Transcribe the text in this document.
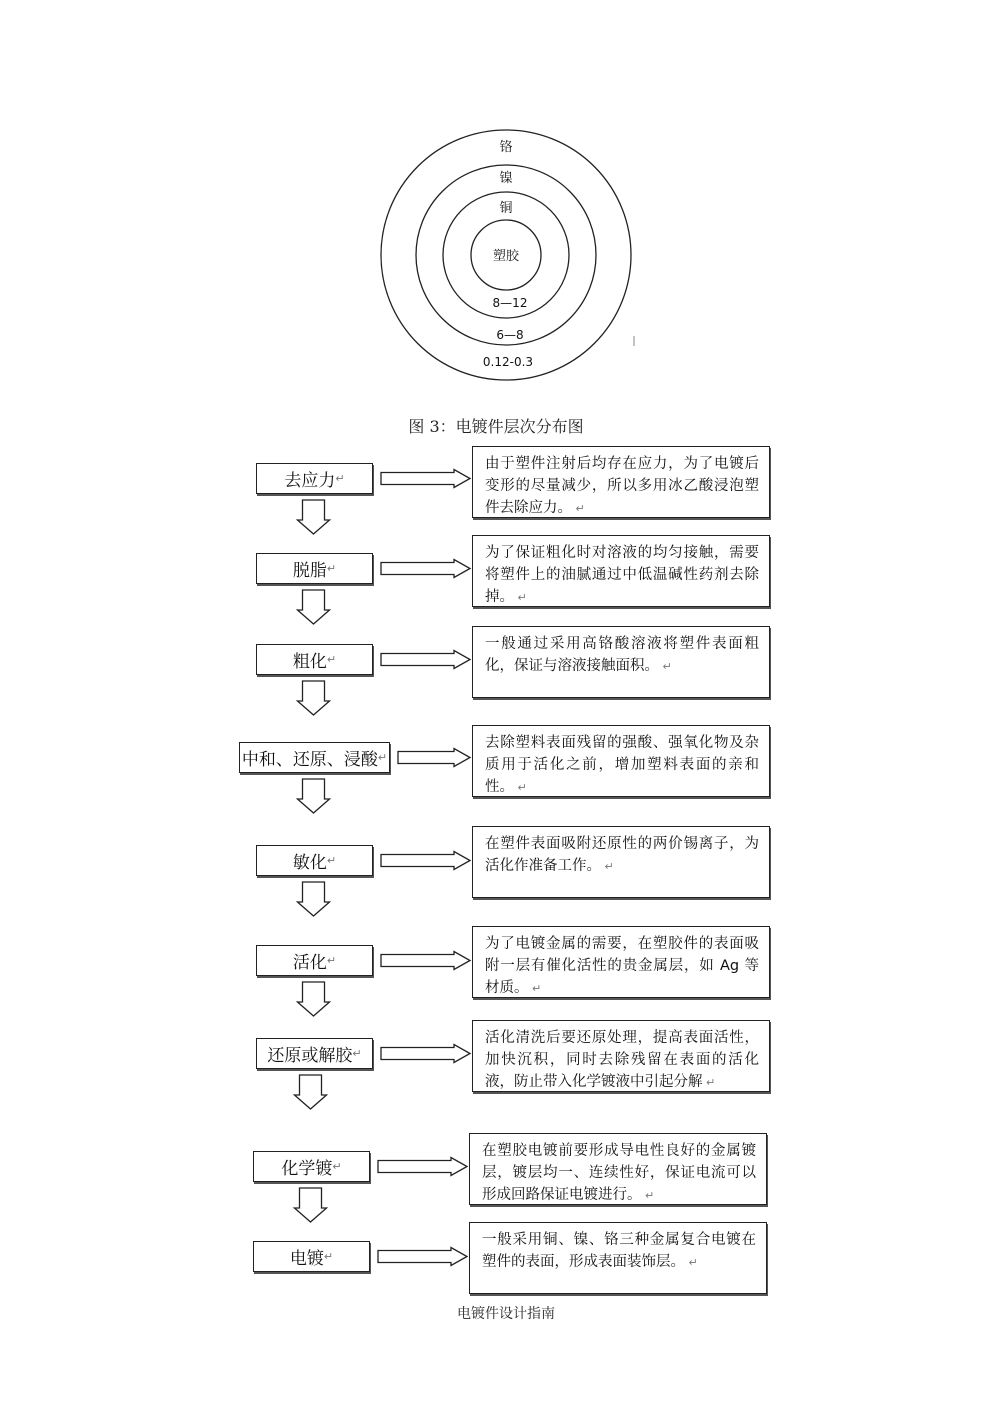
铬
镍
铜
塑胶
8—12
6—8
0.12-0.3
图 3：电镀件层次分布图
去应力 ↵
由于塑件注射后均存在应力，为了电镀后变形的尽量减少，所以多用冰乙酸浸泡塑件去除应力。 ↵
脱脂 ↵
为了保证粗化时对溶液的均匀接触，需要将塑件上的油腻通过中低温碱性药剂去除掉。 ↵
粗化 ↵
一般通过采用高铬酸溶液将塑件表面粗化，保证与溶液接触面积。 ↵
中和、还原、浸酸 ↵
去除塑料表面残留的强酸、强氧化物及杂质用于活化之前，增加塑料表面的亲和性。 ↵
敏化 ↵
在塑件表面吸附还原性的两价锡离子，为活化作准备工作。 ↵
活化 ↵
为了电镀金属的需要，在塑胶件的表面吸附一层有催化活性的贵金属层，如 Ag 等材质。 ↵
还原或解胶 ↵
活化清洗后要还原处理，提高表面活性，加快沉积，同时去除残留在表面的活化液，防止带入化学镀液中引起分解 ↵
化学镀 ↵
在塑胶电镀前要形成导电性良好的金属镀层，镀层均一、连续性好，保证电流可以形成回路保证电镀进行。 ↵
电镀 ↵
一般采用铜、镍、铬三种金属复合电镀在塑件的表面，形成表面装饰层。 ↵
电镀件设计指南
